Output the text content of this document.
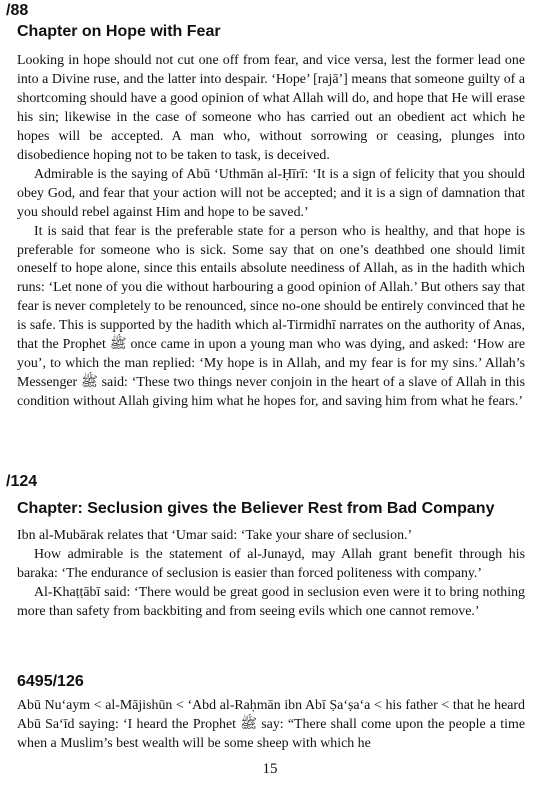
/88
Chapter on Hope with Fear

Looking in hope should not cut one off from fear, and vice versa, lest the former lead one into a Divine ruse, and the latter into despair. ‘Hope’ [rajā’] means that someone guilty of a shortcoming should have a good opinion of what Allah will do, and hope that He will erase his sin; likewise in the case of someone who has carried out an obedient act which he hopes will be accepted. A man who, without sorrowing or ceasing, plunges into disobedience hoping not to be taken to task, is deceived.

Admirable is the saying of Abū ‘Uthmān al-Ḥīrī: ‘It is a sign of felicity that you should obey God, and fear that your action will not be accepted; and it is a sign of damnation that you should rebel against Him and hope to be saved.’

It is said that fear is the preferable state for a person who is healthy, and that hope is preferable for someone who is sick. Some say that on one’s deathbed one should limit oneself to hope alone, since this entails absolute neediness of Allah, as in the hadith which runs: ‘Let none of you die without harbouring a good opinion of Allah.’ But others say that fear is never completely to be renounced, since no-one should be entirely convinced that he is safe. This is supported by the hadith which al-Tirmidhī narrates on the authority of Anas, that the Prophet ﷺ once came in upon a young man who was dying, and asked: ‘How are you’, to which the man replied: ‘My hope is in Allah, and my fear is for my sins.’ Allah’s Messenger ﷺ said: ‘These two things never conjoin in the heart of a slave of Allah in this condition without Allah giving him what he hopes for, and saving him from what he fears.’

/124
Chapter: Seclusion gives the Believer Rest from Bad Company

Ibn al-Mubārak relates that ‘Umar said: ‘Take your share of seclusion.’

How admirable is the statement of al-Junayd, may Allah grant benefit through his baraka: ‘The endurance of seclusion is easier than forced politeness with company.’

Al-Khaṭṭābī said: ‘There would be great good in seclusion even were it to bring nothing more than safety from backbiting and from seeing evils which one cannot remove.’

6495/126

Abū Nu‘aym < al-Mājishūn < ‘Abd al-Raḥmān ibn Abī Ṣa‘ṣa‘a < his father < that he heard Abū Sa‘īd saying: ‘I heard the Prophet ﷺ say: “There shall come upon the people a time when a Muslim’s best wealth will be some sheep with which he

15
